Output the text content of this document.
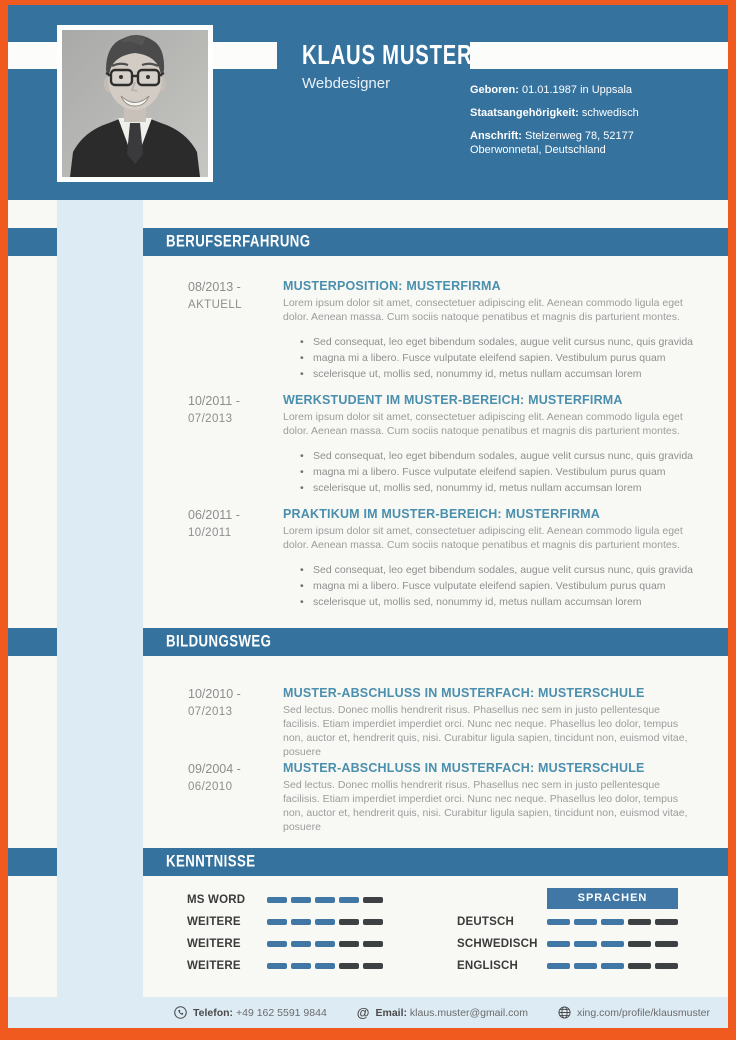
KLAUS MUSTER
Webdesigner	Geboren: 01.01.1987 in Uppsala
Staatsangehörigkeit: schwedisch
Anschrift: Stelzenweg 78, 52177 Oberwonnetal, Deutschland
BERUFSERFAHRUNG
BILDUNGSWEG
KENNTNISSE
08/2013 -
AKTUELL
MUSTERPOSITION: MUSTERFIRMA
Lorem ipsum dolor sit amet, consectetuer adipiscing elit. Aenean commodo ligula eget dolor. Aenean massa. Cum sociis natoque penatibus et magnis dis parturient montes.
• Sed consequat, leo eget bibendum sodales, augue velit cursus nunc, quis gravida
• magna mi a libero. Fusce vulputate eleifend sapien. Vestibulum purus quam
• scelerisque ut, mollis sed, nonummy id, metus nullam accumsan lorem
10/2011 -
07/2013
WERKSTUDENT IM MUSTER-BEREICH: MUSTERFIRMA
Lorem ipsum dolor sit amet, consectetuer adipiscing elit. Aenean commodo ligula eget dolor. Aenean massa. Cum sociis natoque penatibus et magnis dis parturient montes.
• Sed consequat, leo eget bibendum sodales, augue velit cursus nunc, quis gravida
• magna mi a libero. Fusce vulputate eleifend sapien. Vestibulum purus quam
• scelerisque ut, mollis sed, nonummy id, metus nullam accumsan lorem
06/2011 -
10/2011
PRAKTIKUM IM MUSTER-BEREICH: MUSTERFIRMA
Lorem ipsum dolor sit amet, consectetuer adipiscing elit. Aenean commodo ligula eget dolor. Aenean massa. Cum sociis natoque penatibus et magnis dis parturient montes.
• Sed consequat, leo eget bibendum sodales, augue velit cursus nunc, quis gravida
• magna mi a libero. Fusce vulputate eleifend sapien. Vestibulum purus quam
• scelerisque ut, mollis sed, nonummy id, metus nullam accumsan lorem
10/2010 -
07/2013
MUSTER-ABSCHLUSS IN MUSTERFACH: MUSTERSCHULE
Sed lectus. Donec mollis hendrerit risus. Phasellus nec sem in justo pellentesque facilisis. Etiam imperdiet imperdiet orci. Nunc nec neque. Phasellus leo dolor, tempus non, auctor et, hendrerit quis, nisi. Curabitur ligula sapien, tincidunt non, euismod vitae, posuere
09/2004 -
06/2010
MUSTER-ABSCHLUSS IN MUSTERFACH: MUSTERSCHULE
Sed lectus. Donec mollis hendrerit risus. Phasellus nec sem in justo pellentesque facilisis. Etiam imperdiet imperdiet orci. Nunc nec neque. Phasellus leo dolor, tempus non, auctor et, hendrerit quis, nisi. Curabitur ligula sapien, tincidunt non, euismod vitae, posuere
MS WORD
WEITERE
WEITERE
WEITERE
SPRACHEN
DEUTSCH
SCHWEDISCH
ENGLISCH
Telefon: +49 162 5591 9844 @ Email: klaus.muster@gmail.com	xing.com/profile/klausmuster
